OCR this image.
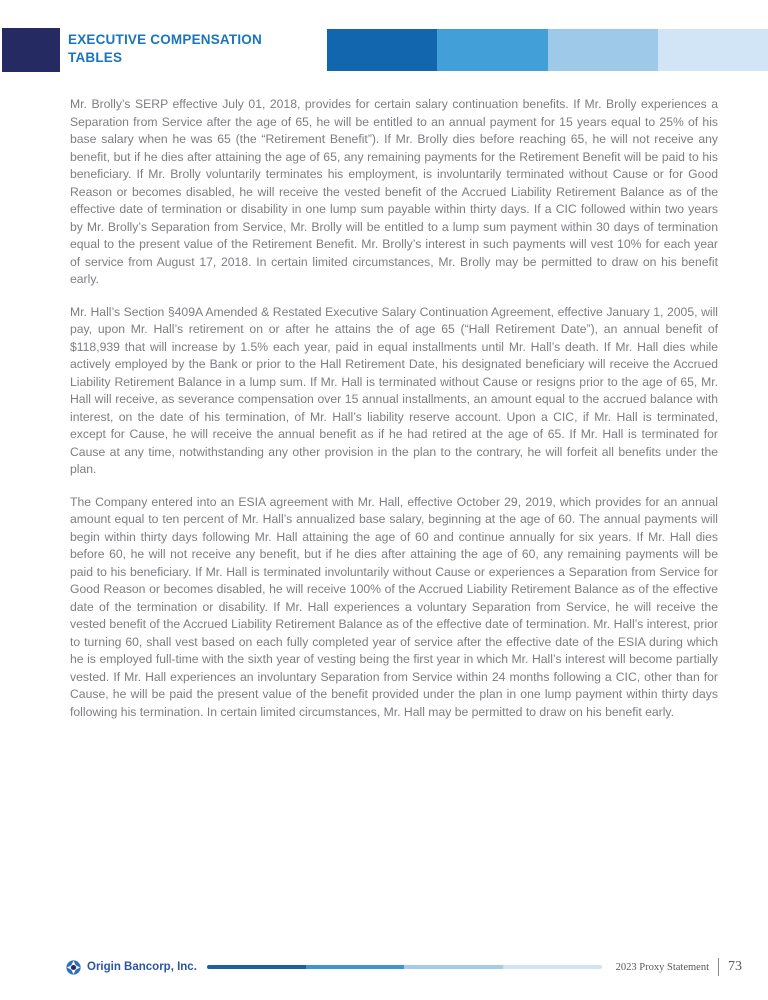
EXECUTIVE COMPENSATION
TABLES

Mr. Brolly’s SERP effective July 01, 2018, provides for certain salary continuation benefits. If Mr. Brolly experiences a Separation from Service after the age of 65, he will be entitled to an annual payment for 15 years equal to 25% of his base salary when he was 65 (the “Retirement Benefit”). If Mr. Brolly dies before reaching 65, he will not receive any benefit, but if he dies after attaining the age of 65, any remaining payments for the Retirement Benefit will be paid to his beneficiary. If Mr. Brolly voluntarily terminates his employment, is involuntarily terminated without Cause or for Good Reason or becomes disabled, he will receive the vested benefit of the Accrued Liability Retirement Balance as of the effective date of termination or disability in one lump sum payable within thirty days. If a CIC followed within two years by Mr. Brolly’s Separation from Service, Mr. Brolly will be entitled to a lump sum payment within 30 days of termination equal to the present value of the Retirement Benefit. Mr. Brolly’s interest in such payments will vest 10% for each year of service from August 17, 2018. In certain limited circumstances, Mr. Brolly may be permitted to draw on his benefit early.

Mr. Hall’s Section §409A Amended & Restated Executive Salary Continuation Agreement, effective January 1, 2005, will pay, upon Mr. Hall’s retirement on or after he attains the of age 65 (“Hall Retirement Date”), an annual benefit of $118,939 that will increase by 1.5% each year, paid in equal installments until Mr. Hall’s death. If Mr. Hall dies while actively employed by the Bank or prior to the Hall Retirement Date, his designated beneficiary will receive the Accrued Liability Retirement Balance in a lump sum. If Mr. Hall is terminated without Cause or resigns prior to the age of 65, Mr. Hall will receive, as severance compensation over 15 annual installments, an amount equal to the accrued balance with interest, on the date of his termination, of Mr. Hall’s liability reserve account. Upon a CIC, if Mr. Hall is terminated, except for Cause, he will receive the annual benefit as if he had retired at the age of 65. If Mr. Hall is terminated for Cause at any time, notwithstanding any other provision in the plan to the contrary, he will forfeit all benefits under the plan.

The Company entered into an ESIA agreement with Mr. Hall, effective October 29, 2019, which provides for an annual amount equal to ten percent of Mr. Hall’s annualized base salary, beginning at the age of 60. The annual payments will begin within thirty days following Mr. Hall attaining the age of 60 and continue annually for six years. If Mr. Hall dies before 60, he will not receive any benefit, but if he dies after attaining the age of 60, any remaining payments will be paid to his beneficiary. If Mr. Hall is terminated involuntarily without Cause or experiences a Separation from Service for Good Reason or becomes disabled, he will receive 100% of the Accrued Liability Retirement Balance as of the effective date of the termination or disability. If Mr. Hall experiences a voluntary Separation from Service, he will receive the vested benefit of the Accrued Liability Retirement Balance as of the effective date of termination. Mr. Hall’s interest, prior to turning 60, shall vest based on each fully completed year of service after the effective date of the ESIA during which he is employed full-time with the sixth year of vesting being the first year in which Mr. Hall’s interest will become partially vested. If Mr. Hall experiences an involuntary Separation from Service within 24 months following a CIC, other than for Cause, he will be paid the present value of the benefit provided under the plan in one lump payment within thirty days following his termination. In certain limited circumstances, Mr. Hall may be permitted to draw on his benefit early.

Origin Bancorp, Inc.	2023 Proxy Statement 73
